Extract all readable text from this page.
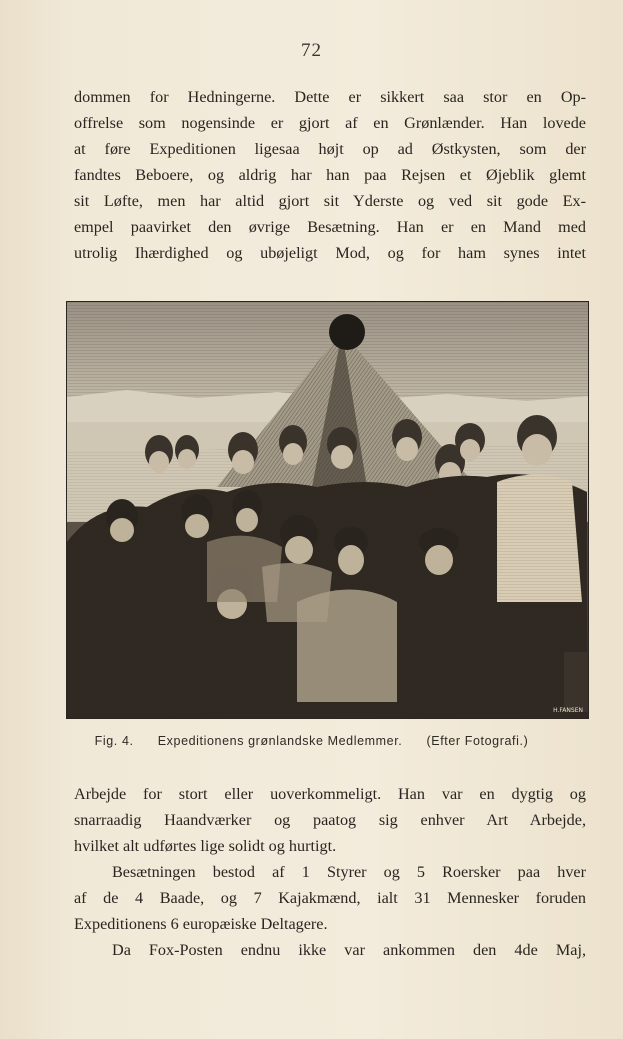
72
dommen for Hedningerne. Dette er sikkert saa stor en Op-
offrelse som nogensinde er gjort af en Grønlænder. Han lovede
at føre Expeditionen ligesaa højt op ad Østkysten, som der
fandtes Beboere, og aldrig har han paa Rejsen et Øjeblik glemt
sit Løfte, men har altid gjort sit Yderste og ved sit gode Ex-
empel paavirket den øvrige Besætning. Han er en Mand med
utrolig Ihærdighed og ubøjeligt Mod, og for ham synes intet
H.FANSEN
Fig. 4. Expeditionens grønlandske Medlemmer. (Efter Fotografi.)
Arbejde for stort eller uoverkommeligt. Han var en dygtig og
snarraadig Haandværker og paatog sig enhver Art Arbejde,
hvilket alt udførtes lige solidt og hurtigt.
Besætningen bestod af 1 Styrer og 5 Roersker paa hver
af de 4 Baade, og 7 Kajakmænd, ialt 31 Mennesker foruden
Expeditionens 6 europæiske Deltagere.
Da Fox-Posten endnu ikke var ankommen den 4de Maj,
